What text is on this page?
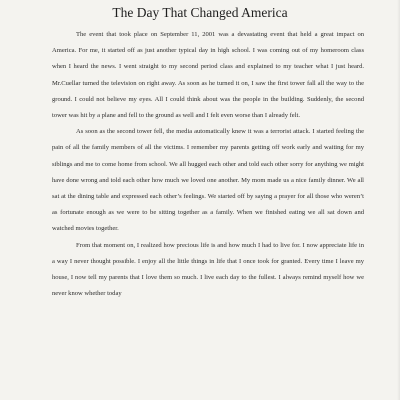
The Day That Changed America

The event that took place on September 11, 2001 was a devastating event that held a great impact on America. For me, it started off as just another typical day in high school. I was coming out of my homeroom class when I heard the news. I went straight to my second period class and explained to my teacher what I just heard. Mr.Cuellar turned the television on right away. As soon as he turned it on, I saw the first tower fall all the way to the ground. I could not believe my eyes. All I could think about was the people in the building. Suddenly, the second tower was hit by a plane and fell to the ground as well and I felt even worse than I already felt.

As soon as the second tower fell, the media automatically knew it was a terrorist attack. I started feeling the pain of all the family members of all the victims. I remember my parents getting off work early and waiting for my siblings and me to come home from school. We all hugged each other and told each other sorry for anything we might have done wrong and told each other how much we loved one another. My mom made us a nice family dinner. We all sat at the dining table and expressed each other’s feelings. We started off by saying a prayer for all those who weren’t as fortunate enough as we were to be sitting together as a family. When we finished eating we all sat down and watched movies together.

From that moment on, I realized how precious life is and how much I had to live for. I now appreciate life in a way I never thought possible. I enjoy all the little things in life that I once took for granted. Every time I leave my house, I now tell my parents that I love them so much. I live each day to the fullest. I always remind myself how we never know whether today
